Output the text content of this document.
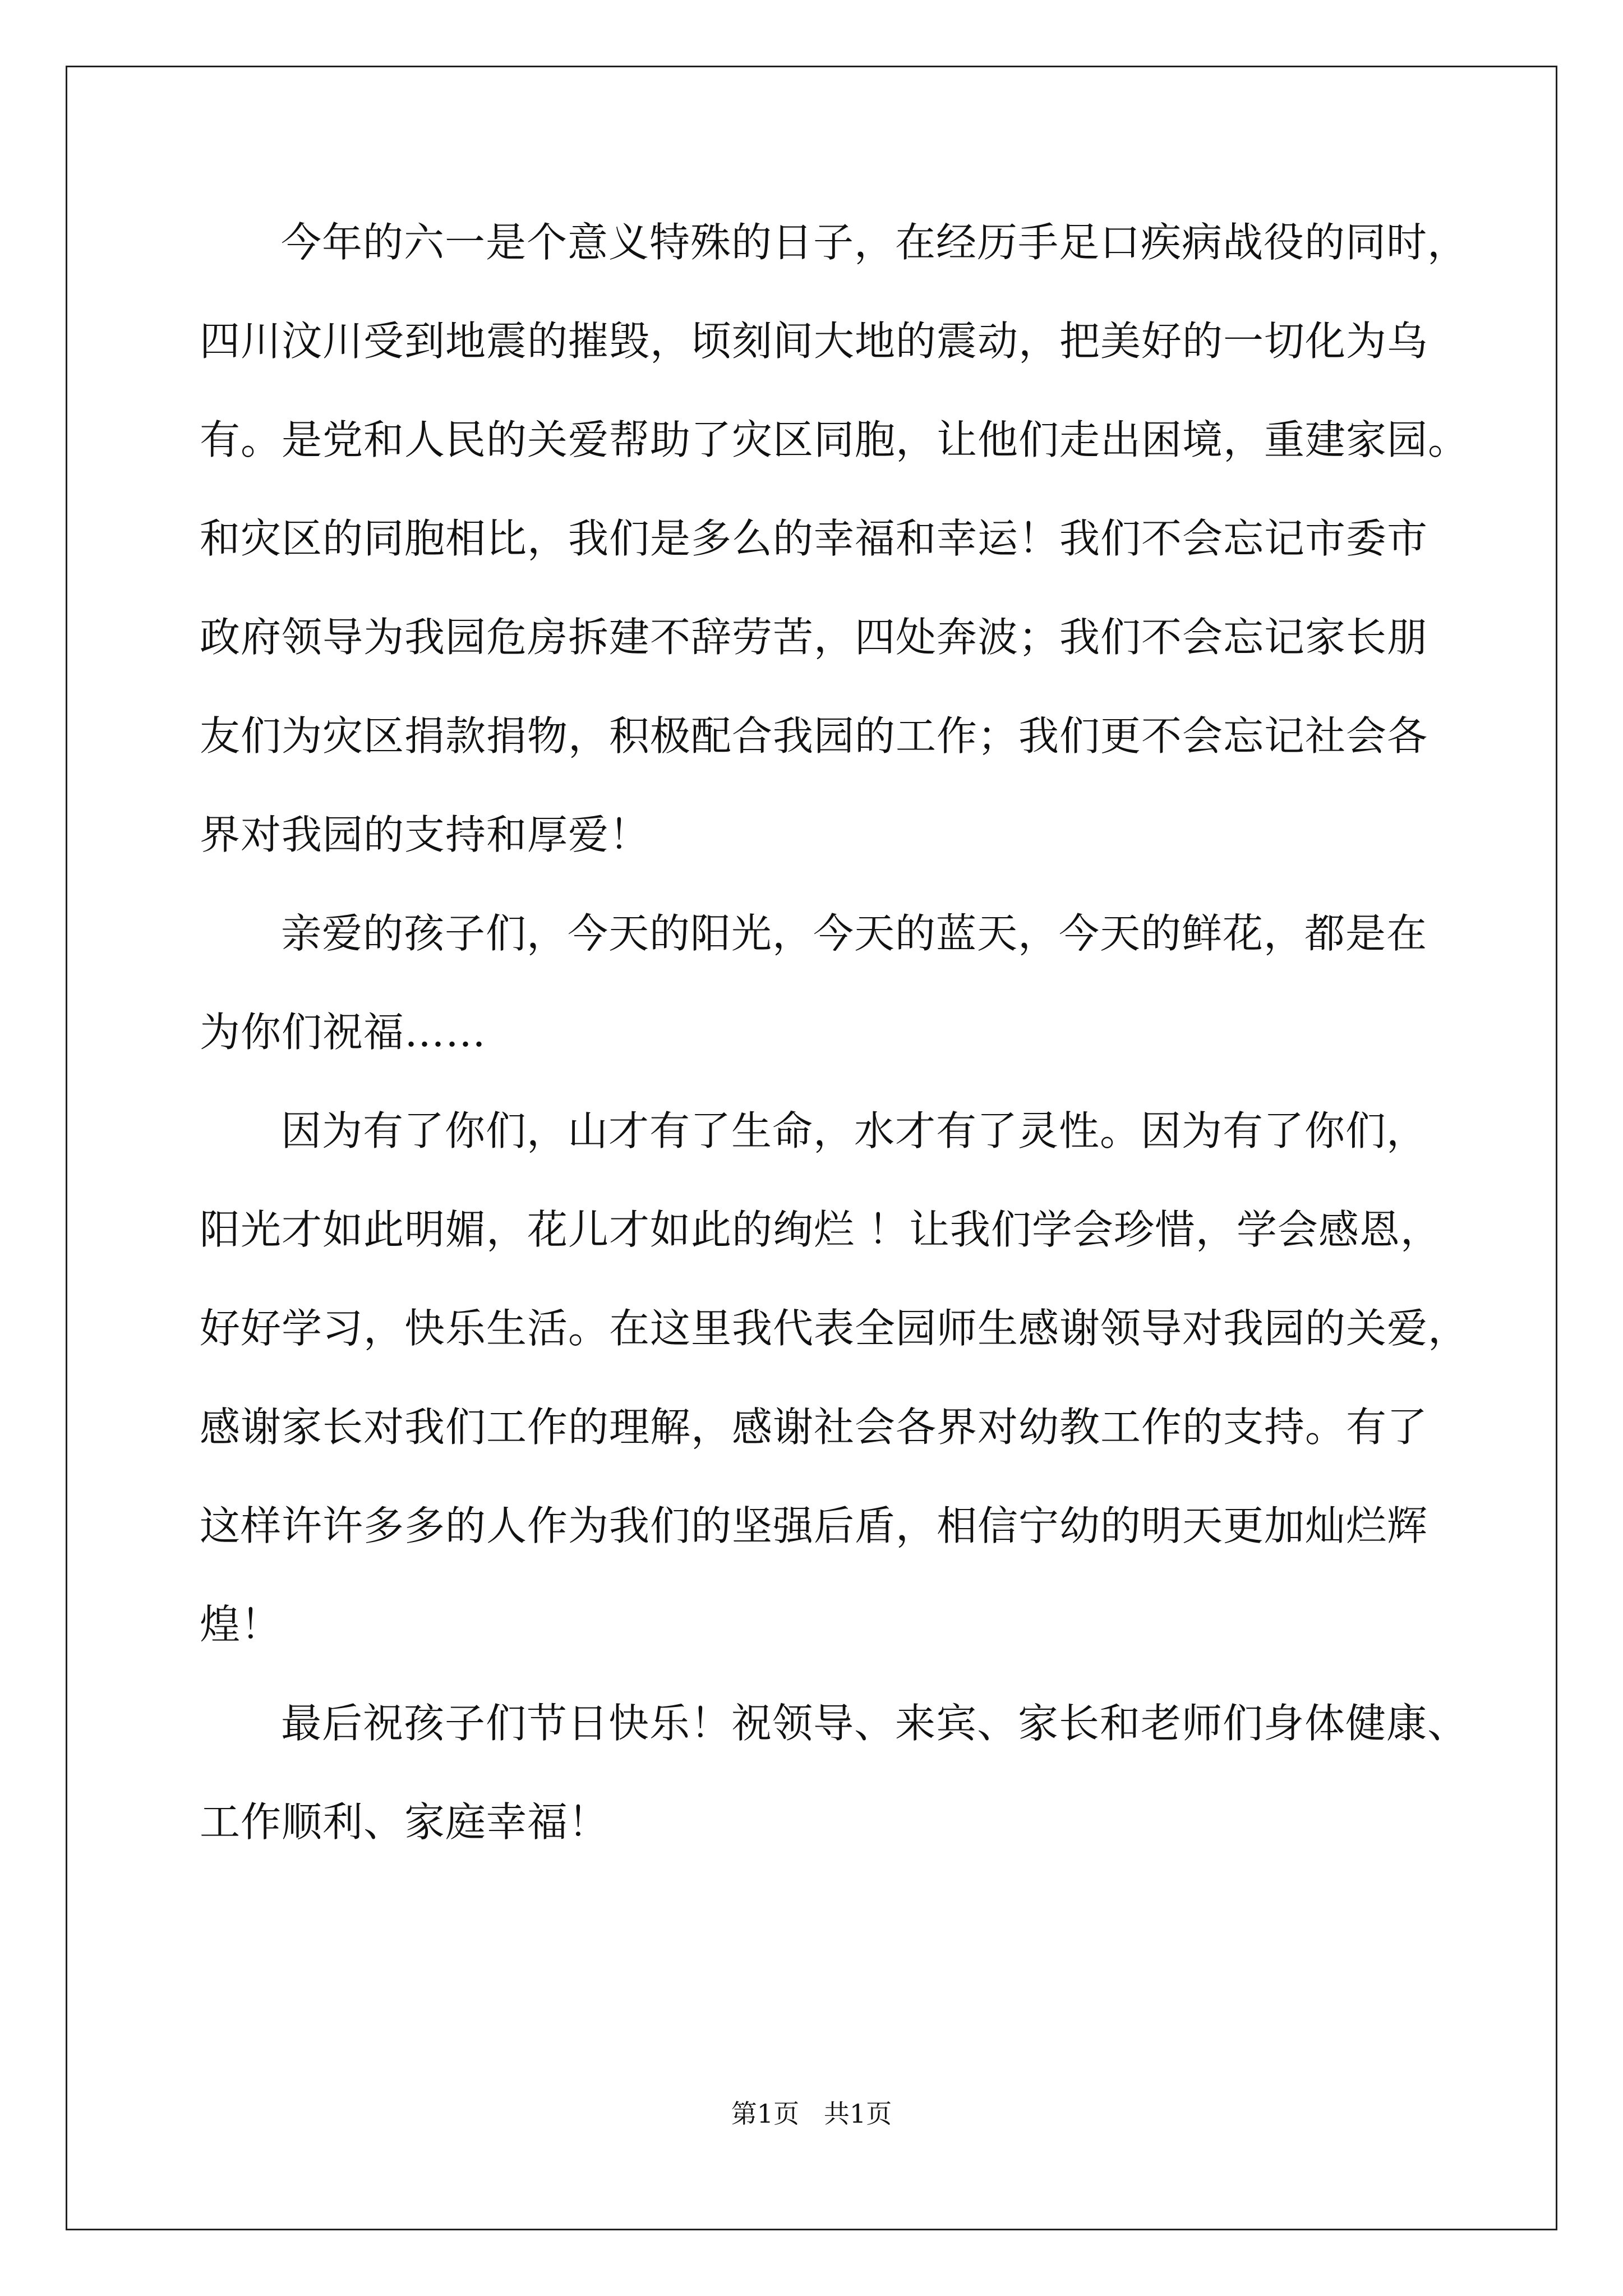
今年的六一是个意义特殊的日子，在经历手足口疾病战役的同时，
四川汶川受到地震的摧毁，顷刻间大地的震动，把美好的一切化为乌
有。是党和人民的关爱帮助了灾区同胞，让他们走出困境，重建家园。
和灾区的同胞相比，我们是多么的幸福和幸运！我们不会忘记市委市
政府领导为我园危房拆建不辞劳苦，四处奔波；我们不会忘记家长朋
友们为灾区捐款捐物，积极配合我园的工作；我们更不会忘记社会各
界对我园的支持和厚爱！
亲爱的孩子们，今天的阳光，今天的蓝天，今天的鲜花，都是在
为你们祝福……
因为有了你们，山才有了生命，水才有了灵性。因为有了你们，
阳光才如此明媚，花儿才如此的绚烂 ！让我们学会珍惜，学会感恩，
好好学习，快乐生活。在这里我代表全园师生感谢领导对我园的关爱，
感谢家长对我们工作的理解，感谢社会各界对幼教工作的支持。有了
这样许许多多的人作为我们的坚强后盾，相信宁幼的明天更加灿烂辉
煌！
最后祝孩子们节日快乐！祝领导、来宾、家长和老师们身体健康、
工作顺利、家庭幸福！
第1页   共1页
